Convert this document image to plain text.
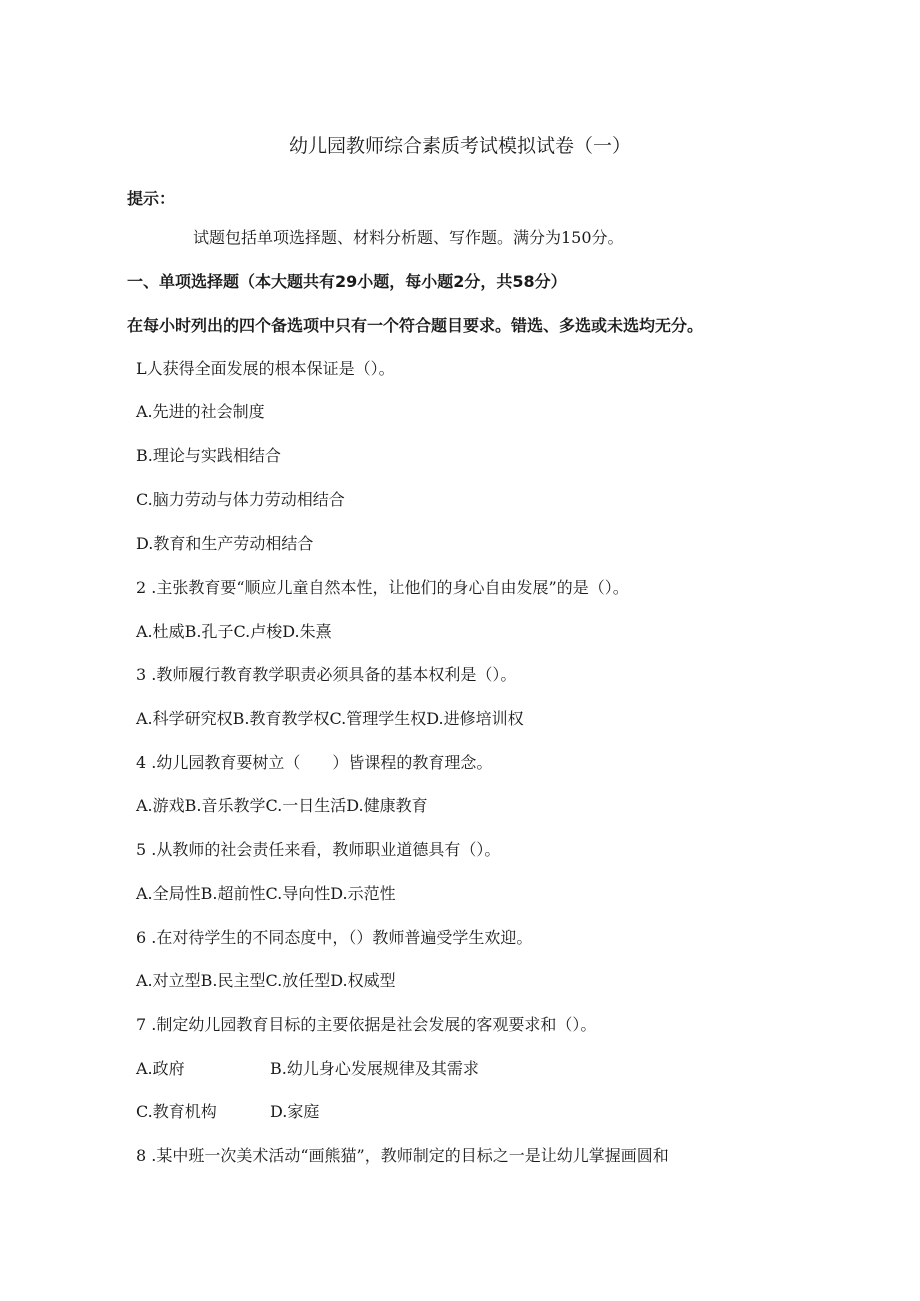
幼儿园教师综合素质考试模拟试卷（一）
提示：
试题包括单项选择题、材料分析题、写作题。满分为150分。
一、单项选择题（本大题共有29小题，每小题2分，共58分）
在每小时列出的四个备选项中只有一个符合题目要求。错选、多选或未选均无分。
L人获得全面发展的根本保证是（）。
A.先进的社会制度
B.理论与实践相结合
C.脑力劳动与体力劳动相结合
D.教育和生产劳动相结合
2 .主张教育要“顺应儿童自然本性，让他们的身心自由发展”的是（）。
A.杜威B.孔子C.卢梭D.朱熹
3 .教师履行教育教学职责必须具备的基本权利是（）。
A.科学研究权B.教育教学权C.管理学生权D.进修培训权
4 .幼儿园教育要树立（　　）皆课程的教育理念。
A.游戏B.音乐教学C.一日生活D.健康教育
5 .从教师的社会责任来看，教师职业道德具有（）。
A.全局性B.超前性C.导向性D.示范性
6 .在对待学生的不同态度中，（）教师普遍受学生欢迎。
A.对立型B.民主型C.放任型D.权威型
7 .制定幼儿园教育目标的主要依据是社会发展的客观要求和（）。
A.政府	B.幼儿身心发展规律及其需求
C.教育机构	D.家庭
8 .某中班一次美术活动“画熊猫”，教师制定的目标之一是让幼儿掌握画圆和
